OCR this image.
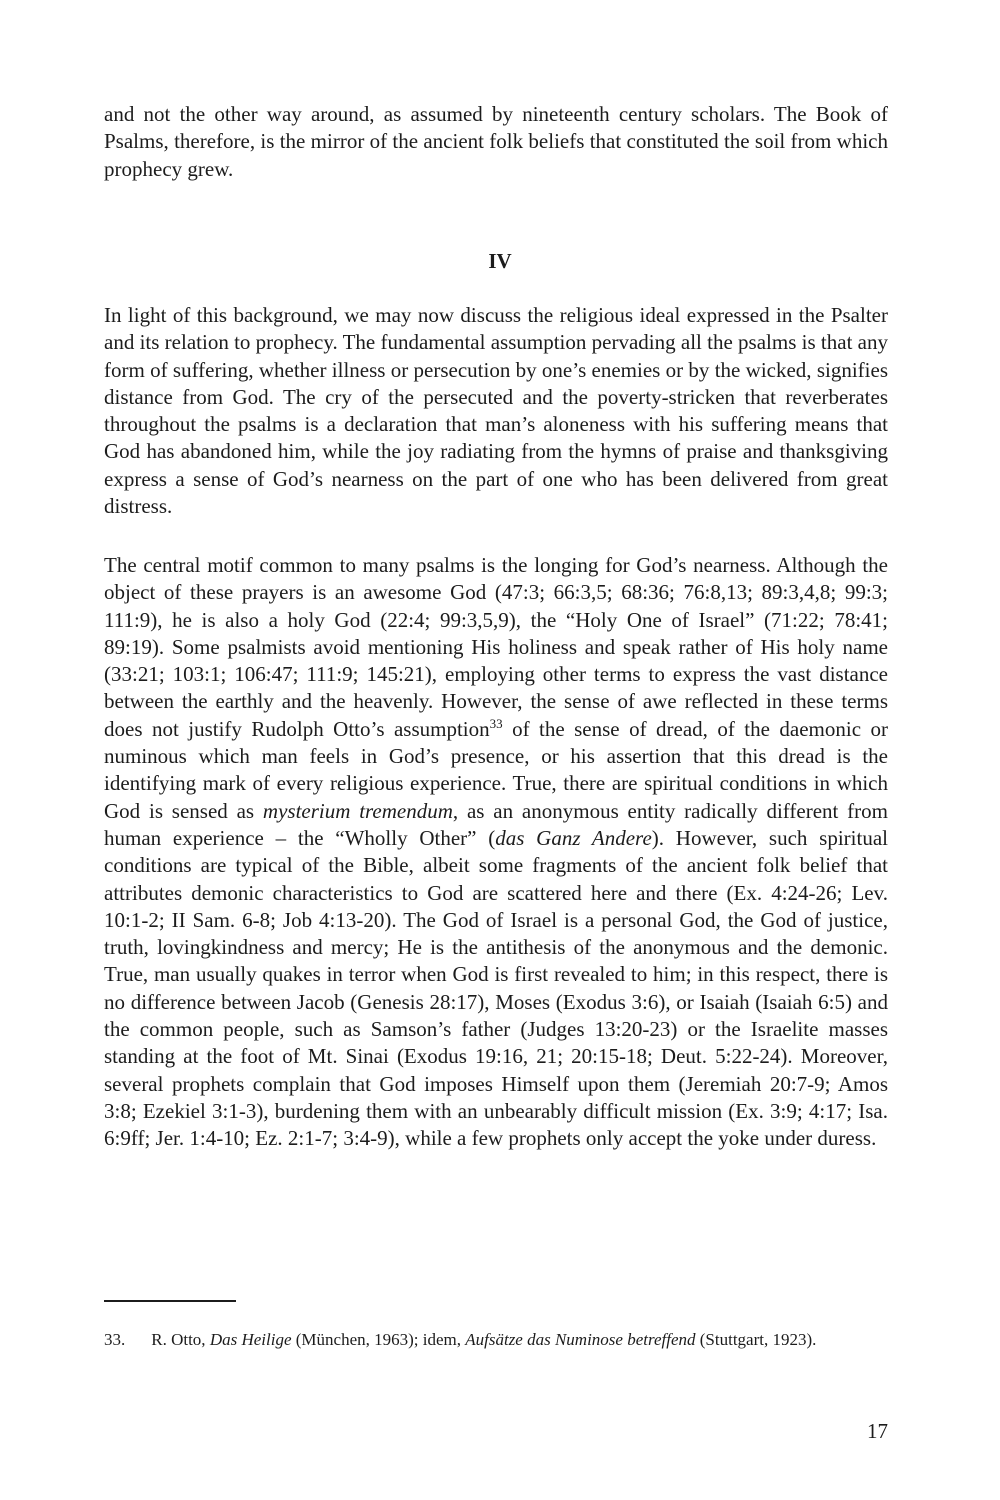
and not the other way around, as assumed by nineteenth century scholars. The Book of Psalms, therefore, is the mirror of the ancient folk beliefs that constituted the soil from which prophecy grew.

IV

In light of this background, we may now discuss the religious ideal expressed in the Psalter and its relation to prophecy. The fundamental assumption pervading all the psalms is that any form of suffering, whether illness or persecution by one’s enemies or by the wicked, signifies distance from God. The cry of the persecuted and the poverty-stricken that reverberates throughout the psalms is a declaration that man’s aloneness with his suffering means that God has abandoned him, while the joy radiating from the hymns of praise and thanksgiving express a sense of God’s nearness on the part of one who has been delivered from great distress.

The central motif common to many psalms is the longing for God’s nearness. Although the object of these prayers is an awesome God (47:3; 66:3,5; 68:36; 76:8,13; 89:3,4,8; 99:3; 111:9), he is also a holy God (22:4; 99:3,5,9), the “Holy One of Israel” (71:22; 78:41; 89:19). Some psalmists avoid mentioning His holiness and speak rather of His holy name (33:21; 103:1; 106:47; 111:9; 145:21), employing other terms to express the vast distance between the earthly and the heavenly. However, the sense of awe reflected in these terms does not justify Rudolph Otto’s assumption$^{33}$ of the sense of dread, of the daemonic or numinous which man feels in God’s presence, or his assertion that this dread is the identifying mark of every religious experience. True, there are spiritual conditions in which God is sensed as mysterium tremendum, as an anonymous entity radically different from human experience – the “Wholly Other” (das Ganz Andere). However, such spiritual conditions are typical of the Bible, albeit some fragments of the ancient folk belief that attributes demonic characteristics to God are scattered here and there (Ex. 4:24-26; Lev. 10:1-2; II Sam. 6-8; Job 4:13-20). The God of Israel is a personal God, the God of justice, truth, lovingkindness and mercy; He is the antithesis of the anonymous and the demonic. True, man usually quakes in terror when God is first revealed to him; in this respect, there is no difference between Jacob (Genesis 28:17), Moses (Exodus 3:6), or Isaiah (Isaiah 6:5) and the common people, such as Samson’s father (Judges 13:20-23) or the Israelite masses standing at the foot of Mt. Sinai (Exodus 19:16, 21; 20:15-18; Deut. 5:22-24). Moreover, several prophets complain that God imposes Himself upon them (Jeremiah 20:7-9; Amos 3:8; Ezekiel 3:1-3), burdening them with an unbearably difficult mission (Ex. 3:9; 4:17; Isa. 6:9ff; Jer. 1:4-10; Ez. 2:1-7; 3:4-9), while a few prophets only accept the yoke under duress.

33. R. Otto, Das Heilige (München, 1963); idem, Aufsätze das Numinose betreffend (Stuttgart, 1923).

17
